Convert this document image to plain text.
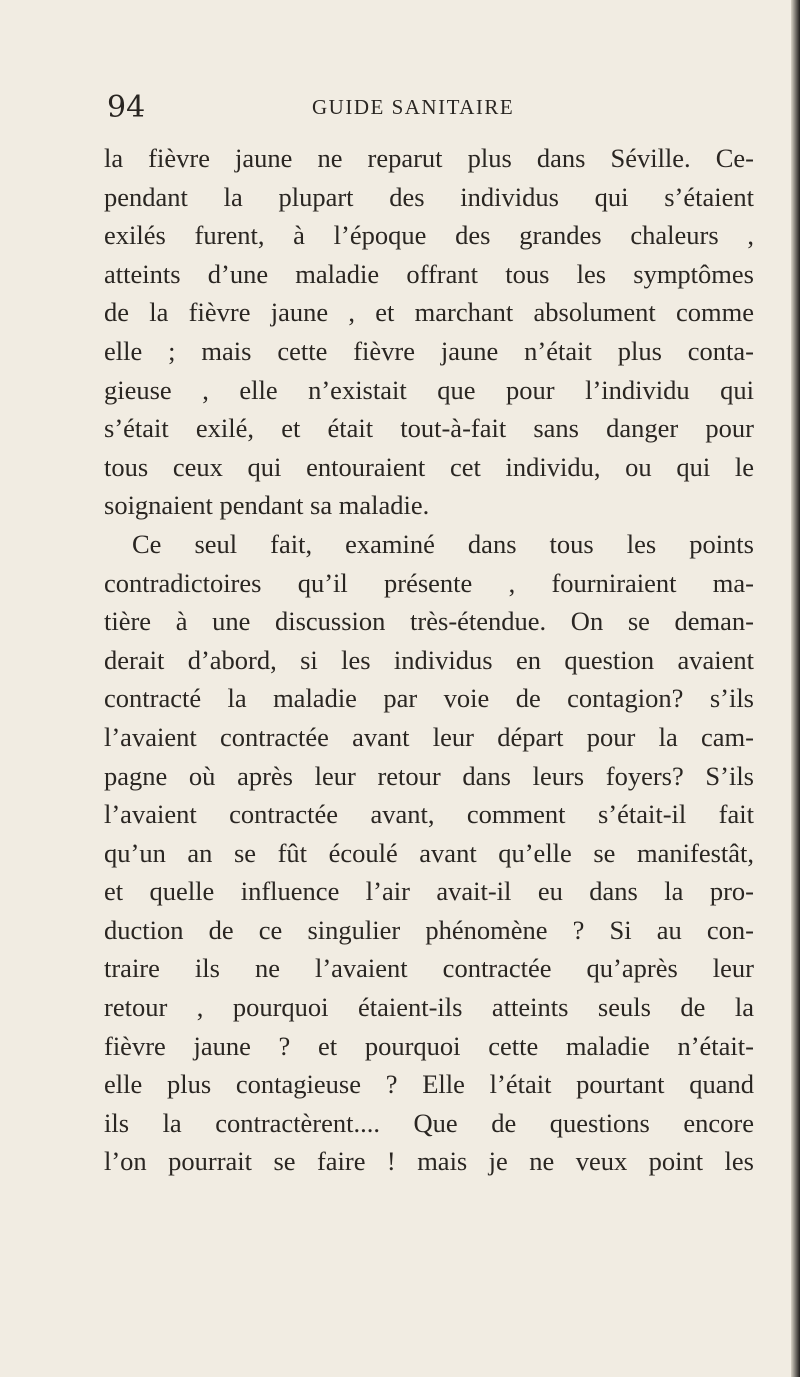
94	GUIDE SANITAIRE
la fièvre jaune ne reparut plus dans Séville. Ce-
pendant la plupart des individus qui s’étaient
exilés furent, à l’époque des grandes chaleurs ,
atteints d’une maladie offrant tous les symptômes
de la fièvre jaune , et marchant absolument comme
elle ; mais cette fièvre jaune n’était plus conta-
gieuse , elle n’existait que pour l’individu qui
s’était exilé, et était tout-à-fait sans danger pour
tous ceux qui entouraient cet individu, ou qui le
soignaient pendant sa maladie.
Ce seul fait, examiné dans tous les points
contradictoires qu’il présente , fourniraient ma-
tière à une discussion très-étendue. On se deman-
derait d’abord, si les individus en question avaient
contracté la maladie par voie de contagion? s’ils
l’avaient contractée avant leur départ pour la cam-
pagne où après leur retour dans leurs foyers? S’ils
l’avaient contractée avant, comment s’était-il fait
qu’un an se fût écoulé avant qu’elle se manifestât,
et quelle influence l’air avait-il eu dans la pro-
duction de ce singulier phénomène ? Si au con-
traire ils ne l’avaient contractée qu’après leur
retour , pourquoi étaient-ils atteints seuls de la
fièvre jaune ? et pourquoi cette maladie n’était-
elle plus contagieuse ? Elle l’était pourtant quand
ils la contractèrent.... Que de questions encore
l’on pourrait se faire ! mais je ne veux point les
